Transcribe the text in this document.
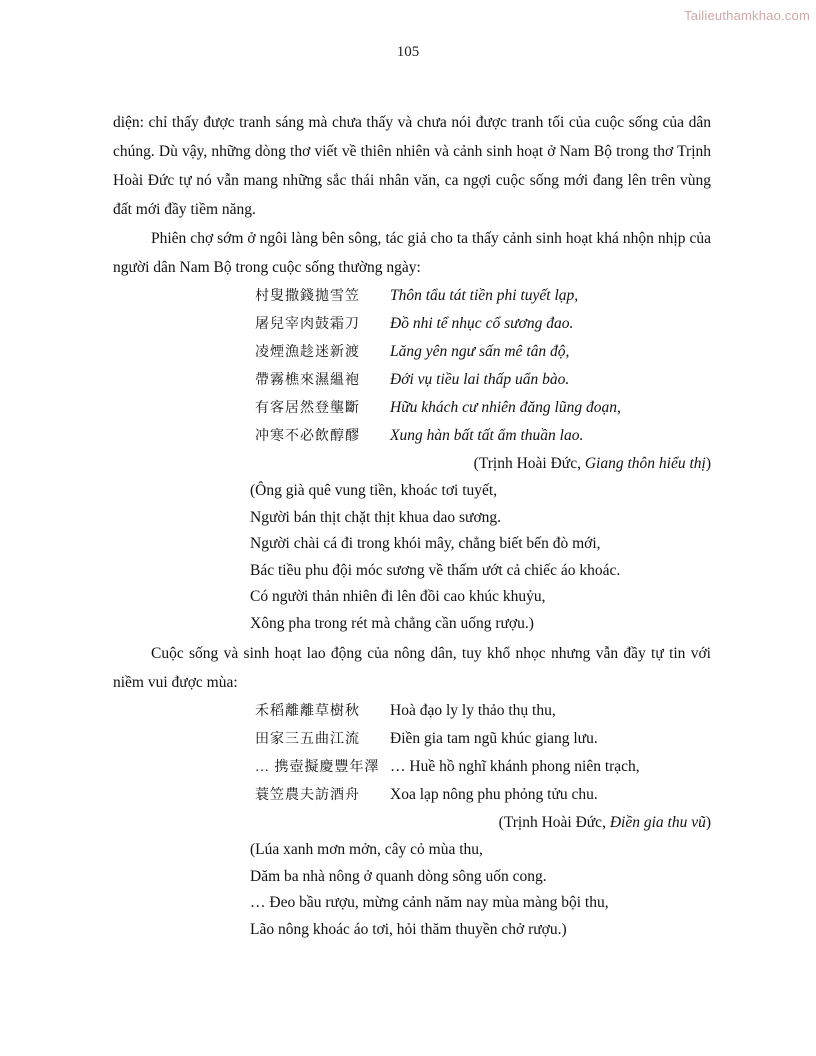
Tailieuthamkhao.com
105

diện: chỉ thấy được tranh sáng mà chưa thấy và chưa nói được tranh tối của cuộc sống của dân chúng. Dù vậy, những dòng thơ viết về thiên nhiên và cảnh sinh hoạt ở Nam Bộ trong thơ Trịnh Hoài Đức tự nó vẫn mang những sắc thái nhân văn, ca ngợi cuộc sống mới đang lên trên vùng đất mới đầy tiềm năng.

Phiên chợ sớm ở ngôi làng bên sông, tác giả cho ta thấy cảnh sinh hoạt khá nhộn nhịp của người dân Nam Bộ trong cuộc sống thường ngày:

村叟撒錢拋雪笠 Thôn tẩu tát tiền phi tuyết lạp,
屠兒宰肉鼓霜刀 Đồ nhi tể nhục cổ sương đao.
凌煙漁趁迷新渡 Lăng yên ngư sấn mê tân độ,
帶霧樵來濕縕袍 Đới vụ tiều lai thấp uẩn bào.
有客居然登壟斷 Hữu khách cư nhiên đăng lũng đoạn,
冲寒不必飲醇醪 Xung hàn bất tất ẩm thuần lao.
(Trịnh Hoài Đức, Giang thôn hiểu thị)
(Ông già quê vung tiền, khoác tơi tuyết,
Người bán thịt chặt thịt khua dao sương.
Người chài cá đi trong khói mây, chẳng biết bến đò mới,
Bác tiều phu đội móc sương về thấm ướt cả chiếc áo khoác.
Có người thản nhiên đi lên đồi cao khúc khuỷu,
Xông pha trong rét mà chẳng cần uống rượu.)

Cuộc sống và sinh hoạt lao động của nông dân, tuy khổ nhọc nhưng vẫn đầy tự tin với niềm vui được mùa:

禾稻離離草樹秋 Hoà đạo ly ly thảo thụ thu,
田家三五曲江流 Điền gia tam ngũ khúc giang lưu.
… 携壺擬慶豐年澤 … Huề hồ nghĩ khánh phong niên trạch,
蓑笠農夫訪酒舟 Xoa lạp nông phu phỏng tửu chu.
(Trịnh Hoài Đức, Điền gia thu vũ)
(Lúa xanh mơn mởn, cây cỏ mùa thu,
Dăm ba nhà nông ở quanh dòng sông uốn cong.
… Đeo bầu rượu, mừng cảnh năm nay mùa màng bội thu,
Lão nông khoác áo tơi, hỏi thăm thuyền chở rượu.)
